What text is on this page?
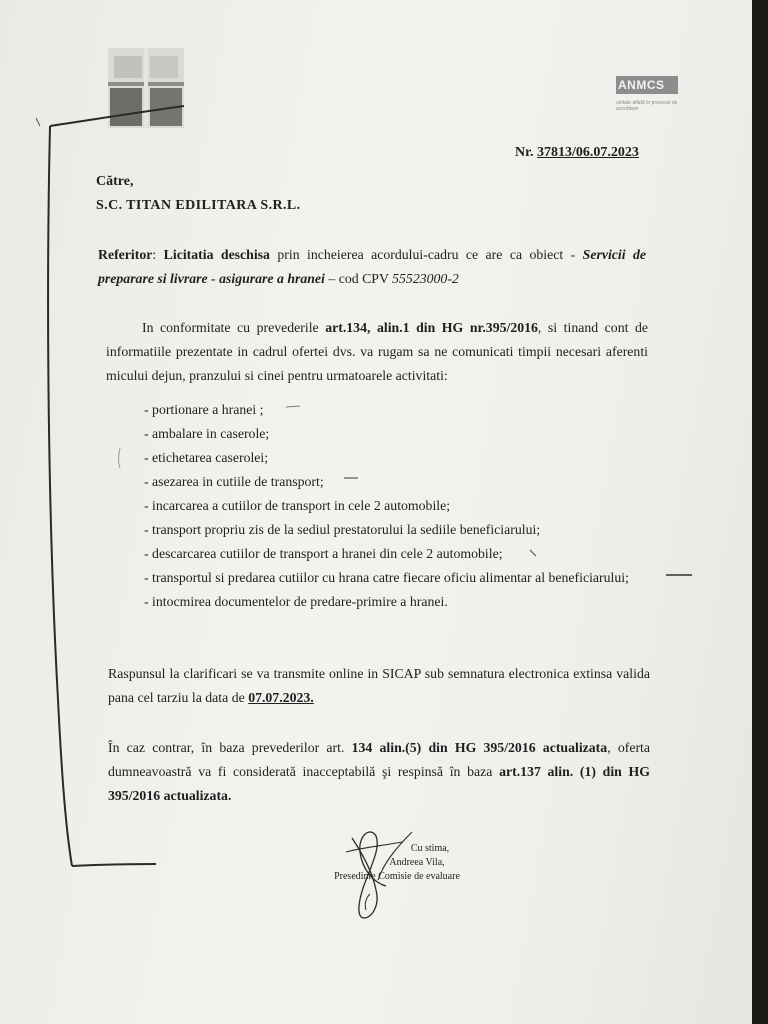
ANMCS
unitate aflată în procesul de acreditare
Nr. 37813/06.07.2023
Către,
S.C. TITAN EDILITARA S.R.L.
Referitor: Licitatia deschisa prin incheierea acordului-cadru ce are ca obiect - Servicii de preparare si livrare - asigurare a hranei – cod CPV 55523000-2
In conformitate cu prevederile art.134, alin.1 din HG nr.395/2016, si tinand cont de informatiile prezentate in cadrul ofertei dvs. va rugam sa ne comunicati timpii necesari aferenti micului dejun, pranzului si cinei pentru urmatoarele activitati:
- portionare a hranei ;
- ambalare in caserole;
- etichetarea caserolei;
- asezarea in cutiile de transport;
- incarcarea a cutiilor de transport in cele 2 automobile;
- transport propriu zis de la sediul prestatorului la sediile beneficiarului;
- descarcarea cutiilor de transport a hranei din cele 2 automobile;
- transportul si predarea cutiilor cu hrana catre fiecare oficiu alimentar al beneficiarului;
- intocmirea documentelor de predare-primire a hranei.
Raspunsul la clarificari se va transmite online in SICAP sub semnatura electronica extinsa valida pana cel tarziu la data de 07.07.2023.
În caz contrar, în baza prevederilor art. 134 alin.(5) din HG 395/2016 actualizata, oferta dumneavoastră va fi considerată inacceptabilă şi respinsă în baza art.137 alin. (1) din HG 395/2016 actualizata.
Cu stima,
Andreea Vila,
Presedinte Comisie de evaluare
